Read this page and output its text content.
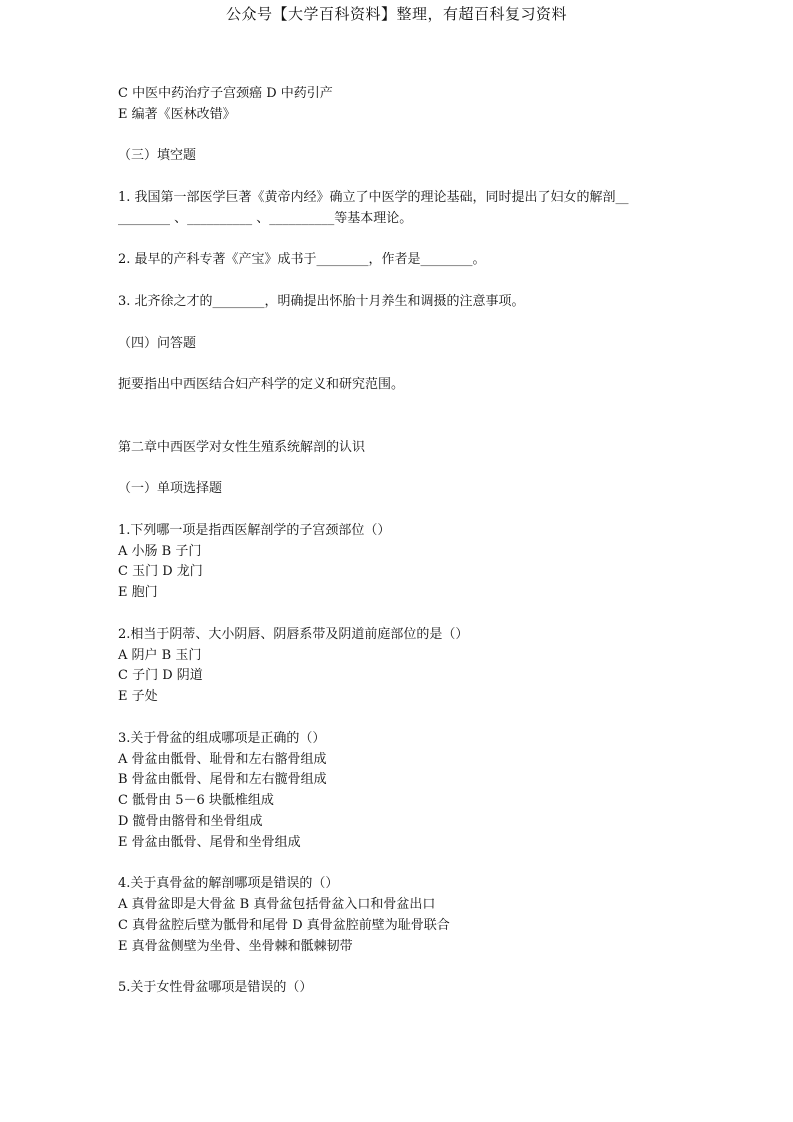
公众号【大学百科资料】整理，有超百科复习资料
C 中医中药治疗子宫颈癌 D 中药引产
E 编著《医林改错》
（三）填空题
1. 我国第一部医学巨著《黄帝内经》确立了中医学的理论基础，同时提出了妇女的解剖__
________ 、__________ 、__________等基本理论。
2. 最早的产科专著《产宝》成书于________，作者是________。
3. 北齐徐之才的________，明确提出怀胎十月养生和调摄的注意事项。
（四）问答题
扼要指出中西医结合妇产科学的定义和研究范围。
第二章中西医学对女性生殖系统解剖的认识
（一）单项选择题
1.下列哪一项是指西医解剖学的子宫颈部位（）
A 小肠 B 子门
C 玉门 D 龙门
E 胞门
2.相当于阴蒂、大小阴唇、阴唇系带及阴道前庭部位的是（）
A 阴户 B 玉门
C 子门 D 阴道
E 子处
3.关于骨盆的组成哪项是正确的（）
A 骨盆由骶骨、耻骨和左右髂骨组成
B 骨盆由骶骨、尾骨和左右髋骨组成
C 骶骨由 5－6 块骶椎组成
D 髋骨由髂骨和坐骨组成
E 骨盆由骶骨、尾骨和坐骨组成
4.关于真骨盆的解剖哪项是错误的（）
A 真骨盆即是大骨盆 B 真骨盆包括骨盆入口和骨盆出口
C 真骨盆腔后壁为骶骨和尾骨 D 真骨盆腔前壁为耻骨联合
E 真骨盆侧壁为坐骨、坐骨棘和骶棘韧带
5.关于女性骨盆哪项是错误的（）
